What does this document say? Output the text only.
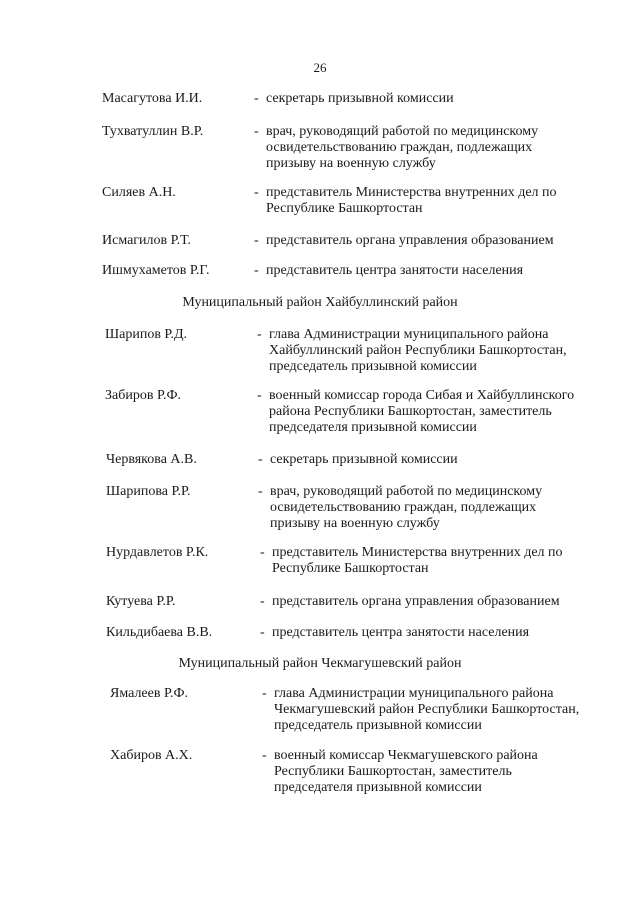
26
Масагутова И.И.	- секретарь призывной комиссии
Тухватуллин В.Р.	- врач, руководящий работой по медицинскому
освидетельствованию граждан, подлежащих
призыву на военную службу
Силяев А.Н.	- представитель Министерства внутренних дел по
Республике Башкортостан
Исмагилов Р.Т.	- представитель органа управления образованием
Ишмухаметов Р.Г.	- представитель центра занятости населения
Муниципальный район Хайбуллинский район
Шарипов Р.Д.	- глава Администрации муниципального района
Хайбуллинский район Республики Башкортостан,
председатель призывной комиссии
Забиров Р.Ф.	- военный комиссар города Сибая и Хайбуллинского
района Республики Башкортостан, заместитель
председателя призывной комиссии
Червякова А.В.	- секретарь призывной комиссии
Шарипова Р.Р.	- врач, руководящий работой по медицинскому
освидетельствованию граждан, подлежащих
призыву на военную службу
Нурдавлетов Р.К.	- представитель Министерства внутренних дел по
Республике Башкортостан
Кутуева Р.Р.	- представитель органа управления образованием
Кильдибаева В.В.	- представитель центра занятости населения
Муниципальный район Чекмагушевский район
Ямалеев Р.Ф.	- глава Администрации муниципального района
Чекмагушевский район Республики Башкортостан,
председатель призывной комиссии
Хабиров А.Х.	- военный комиссар Чекмагушевского района
Республики Башкортостан, заместитель
председателя призывной комиссии
